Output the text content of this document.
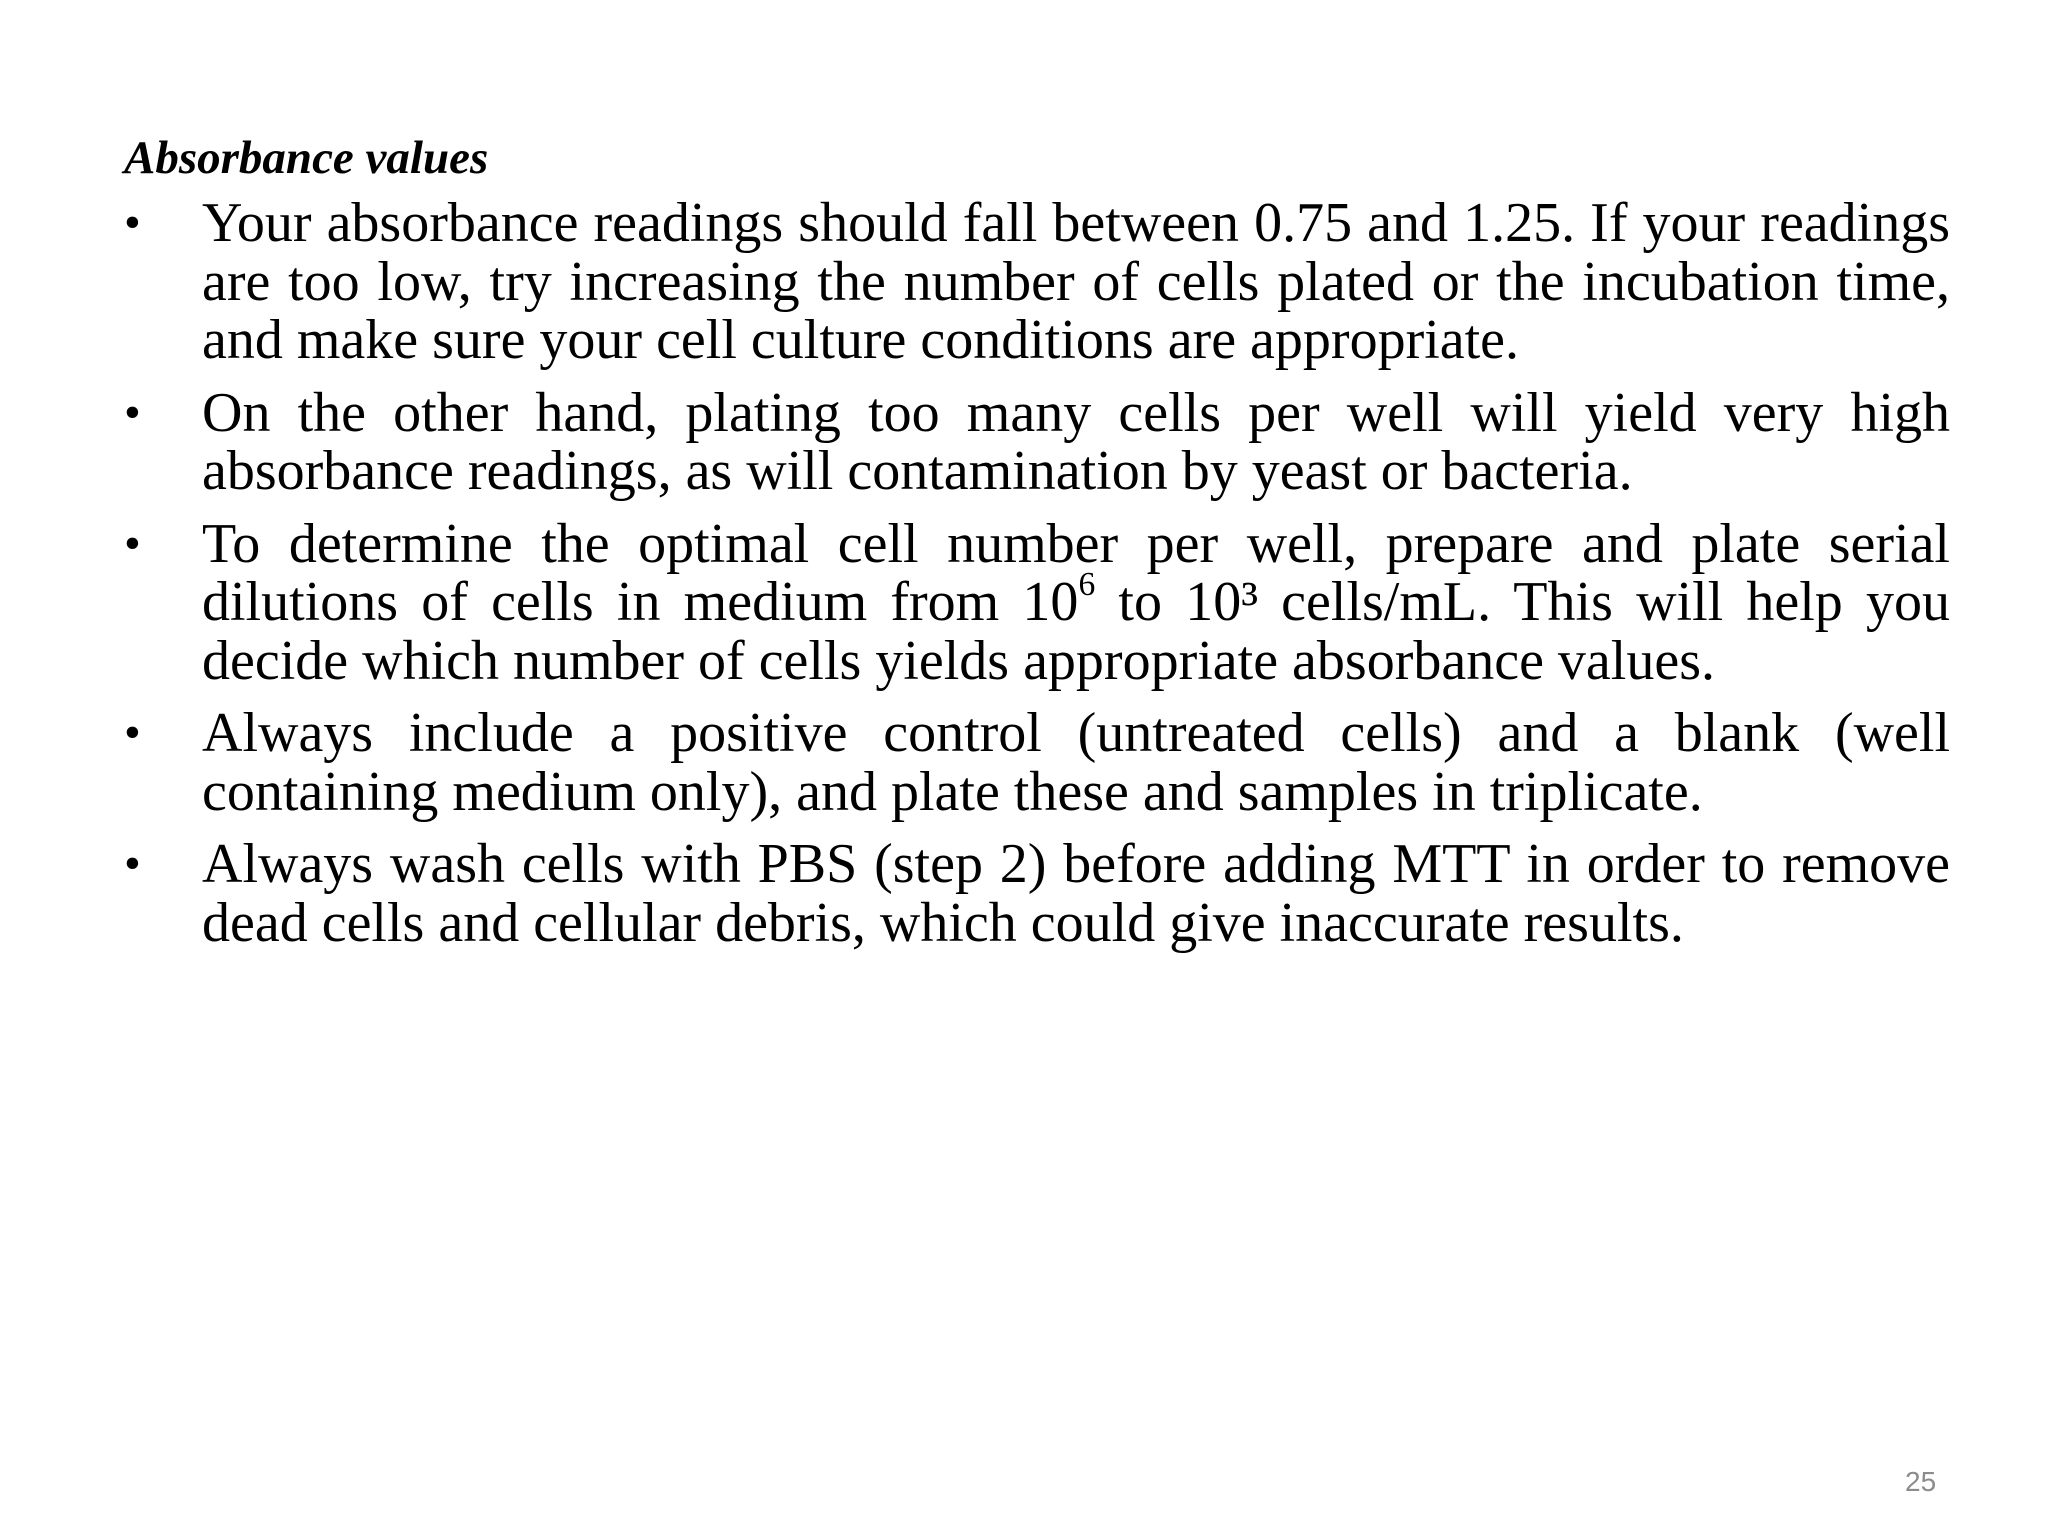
Absorbance values
• Your absorbance readings should fall between 0.75 and 1.25. If your readings are too low, try increasing the number of cells plated or the incubation time, and make sure your cell culture conditions are appropriate.
• On the other hand, plating too many cells per well will yield very high absorbance readings, as will contamination by yeast or bacteria.
• To determine the optimal cell number per well, prepare and plate serial dilutions of cells in medium from $10^6$ to 10³ cells/mL. This will help you decide which number of cells yields appropriate absorbance values.
• Always include a positive control (untreated cells) and a blank (well containing medium only), and plate these and samples in triplicate.
• Always wash cells with PBS (step 2) before adding MTT in order to remove dead cells and cellular debris, which could give inaccurate results.
25
